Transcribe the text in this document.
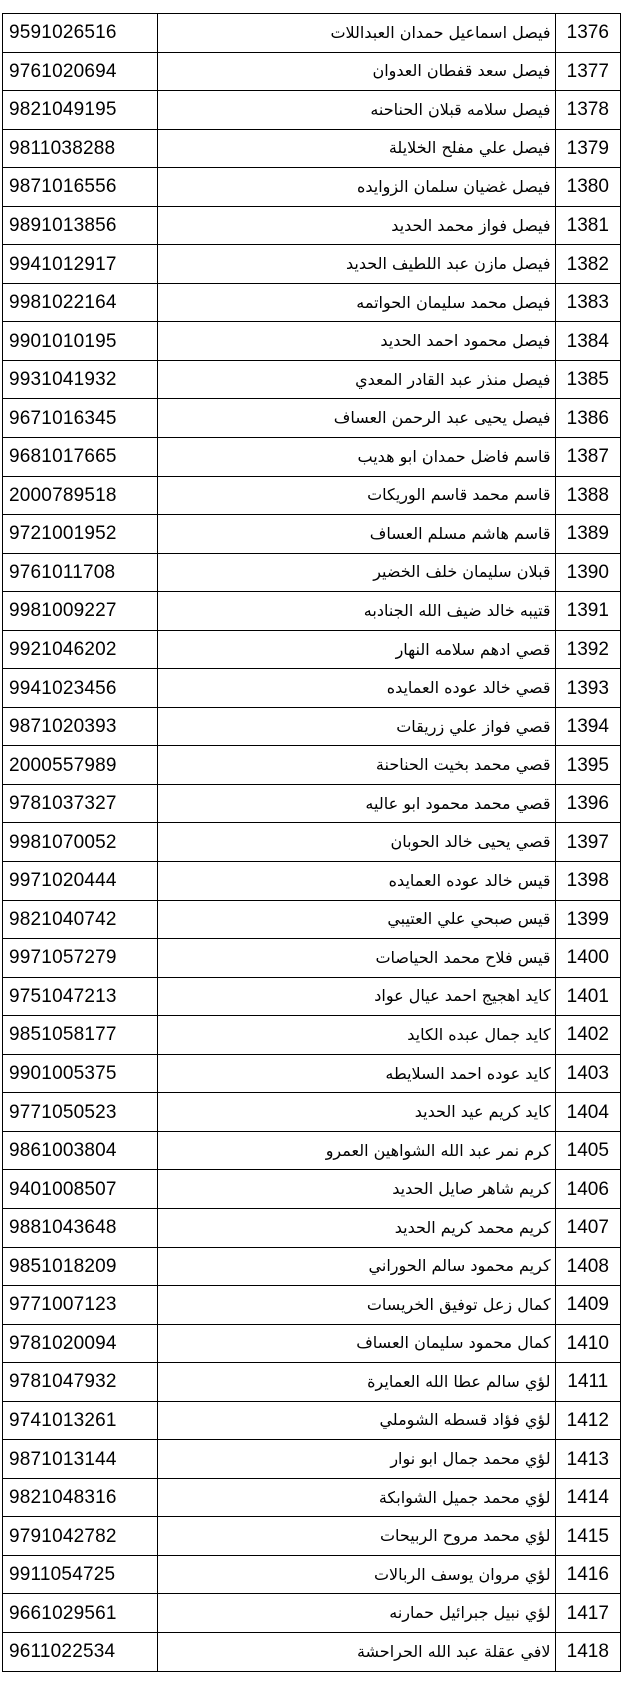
9591026516	فيصل اسماعيل حمدان العبداللات	1376
9761020694	فيصل سعد قفطان العدوان	1377
9821049195	فيصل سلامه قبلان الحناحنه	1378
9811038288	فيصل علي مفلح الخلايلة	1379
9871016556	فيصل غضيان سلمان الزوايده	1380
9891013856	فيصل فواز محمد الحديد	1381
9941012917	فيصل مازن عبد اللطيف الحديد	1382
9981022164	فيصل محمد سليمان الحواتمه	1383
9901010195	فيصل محمود احمد الحديد	1384
9931041932	فيصل منذر عبد القادر المعدي	1385
9671016345	فيصل يحيى عبد الرحمن العساف	1386
9681017665	قاسم فاضل حمدان ابو هديب	1387
2000789518	قاسم محمد قاسم الوريكات	1388
9721001952	قاسم هاشم مسلم العساف	1389
9761011708	قبلان سليمان خلف الخضير	1390
9981009227	قتيبه خالد ضيف الله الجنادبه	1391
9921046202	قصي ادهم سلامه النهار	1392
9941023456	قصي خالد عوده العمايده	1393
9871020393	قصي فواز علي زريقات	1394
2000557989	قصي محمد بخيت الحناحنة	1395
9781037327	قصي محمد محمود ابو عاليه	1396
9981070052	قصي يحيى خالد الحوبان	1397
9971020444	قيس خالد عوده العمايده	1398
9821040742	قيس صبحي علي العتيبي	1399
9971057279	قيس فلاح محمد الحياصات	1400
9751047213	كايد اهجيج احمد عيال عواد	1401
9851058177	كايد جمال عبده الكايد	1402
9901005375	كايد عوده احمد السلايطه	1403
9771050523	كايد كريم عيد الحديد	1404
9861003804	كرم نمر عبد الله الشواهين العمرو	1405
9401008507	كريم شاهر صايل الحديد	1406
9881043648	كريم محمد كريم الحديد	1407
9851018209	كريم محمود سالم الحوراني	1408
9771007123	كمال زعل توفيق الخريسات	1409
9781020094	كمال محمود سليمان العساف	1410
9781047932	لؤي سالم عطا الله العمايرة	1411
9741013261	لؤي فؤاد قسطه الشوملي	1412
9871013144	لؤي محمد جمال ابو نوار	1413
9821048316	لؤي محمد جميل الشوابكة	1414
9791042782	لؤي محمد مروح الربيحات	1415
9911054725	لؤي مروان يوسف الربالات	1416
9661029561	لؤي نبيل جبرائيل حمارنه	1417
9611022534	لافي عقلة عبد الله الحراحشة	1418
